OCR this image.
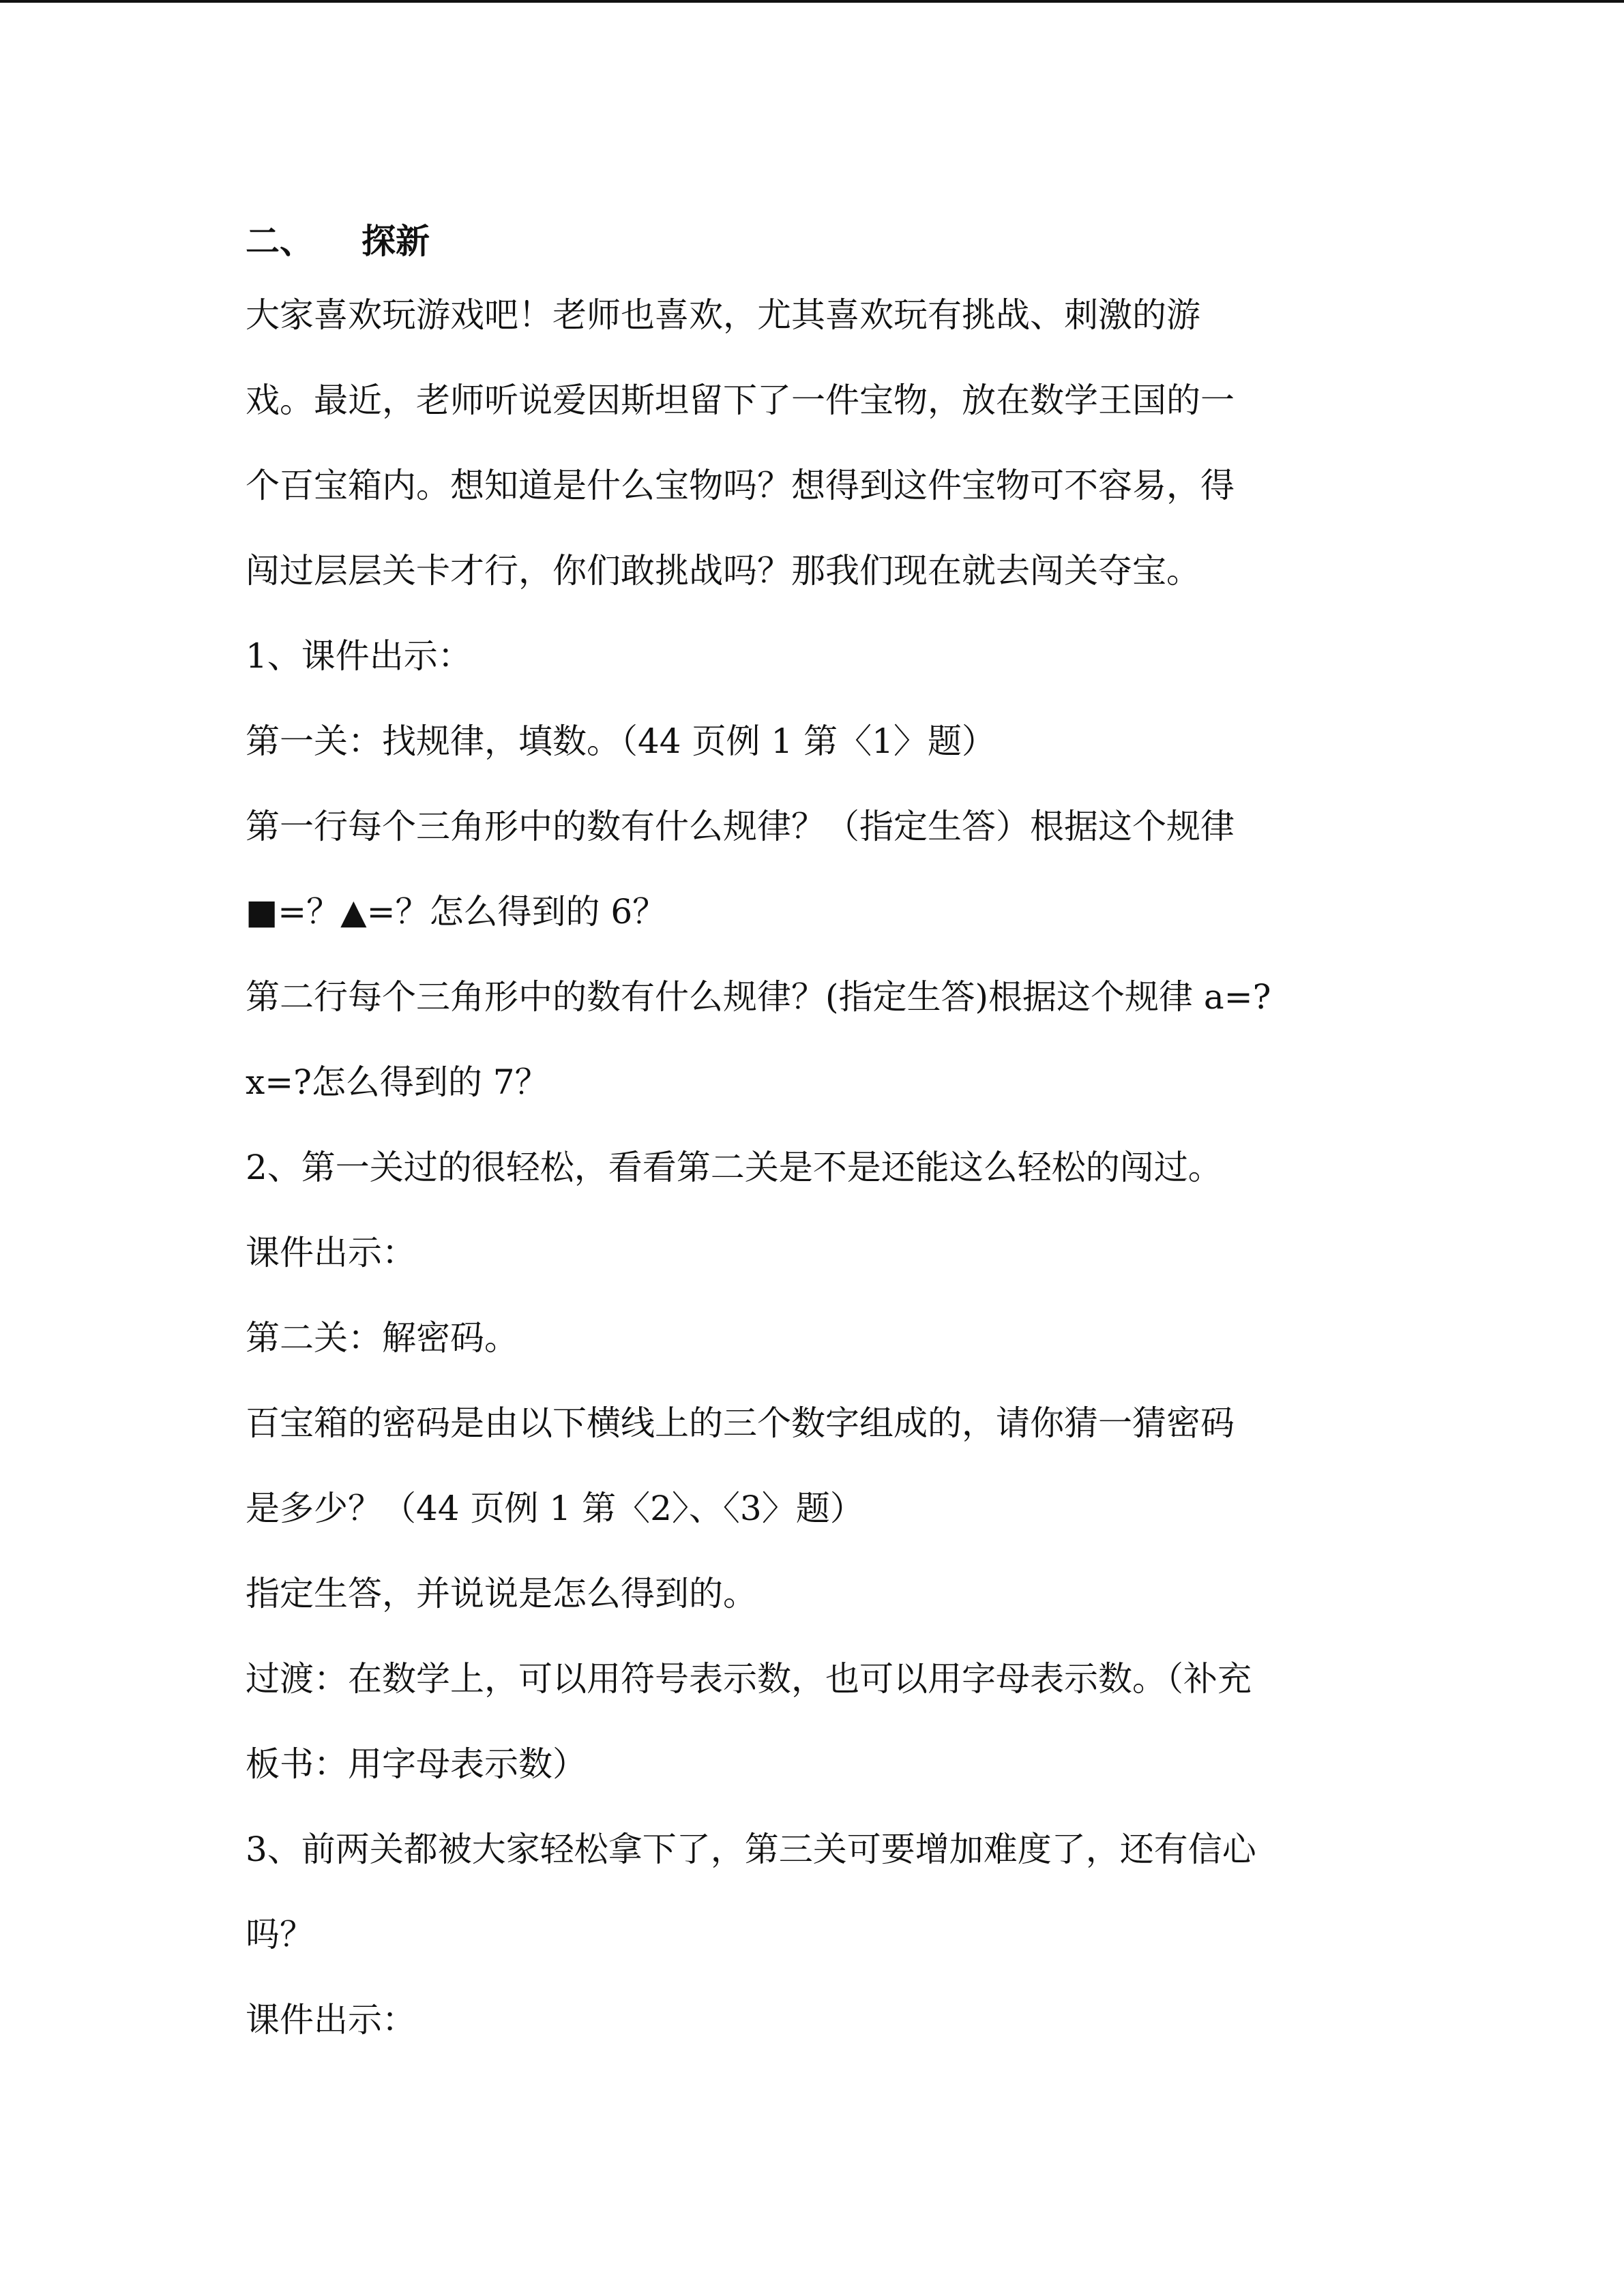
二、	探新

大家喜欢玩游戏吧！老师也喜欢，尤其喜欢玩有挑战、刺激的游

戏。最近，老师听说爱因斯坦留下了一件宝物，放在数学王国的一

个百宝箱内。想知道是什么宝物吗？想得到这件宝物可不容易，得

闯过层层关卡才行，你们敢挑战吗？那我们现在就去闯关夺宝。

1、课件出示：

第一关：找规律，填数。（44 页例 1 第〈1〉题）

第一行每个三角形中的数有什么规律？（指定生答）根据这个规律

■=？▲=？怎么得到的 6？

第二行每个三角形中的数有什么规律？(指定生答)根据这个规律 a=?

x=?怎么得到的 7？

2、第一关过的很轻松，看看第二关是不是还能这么轻松的闯过。

课件出示：

第二关：解密码。

百宝箱的密码是由以下横线上的三个数字组成的，请你猜一猜密码

是多少？（44 页例 1 第〈2〉、〈3〉题）

指定生答，并说说是怎么得到的。

过渡：在数学上，可以用符号表示数，也可以用字母表示数。（补充

板书：用字母表示数）

3、前两关都被大家轻松拿下了，第三关可要增加难度了，还有信心

吗？

课件出示：
